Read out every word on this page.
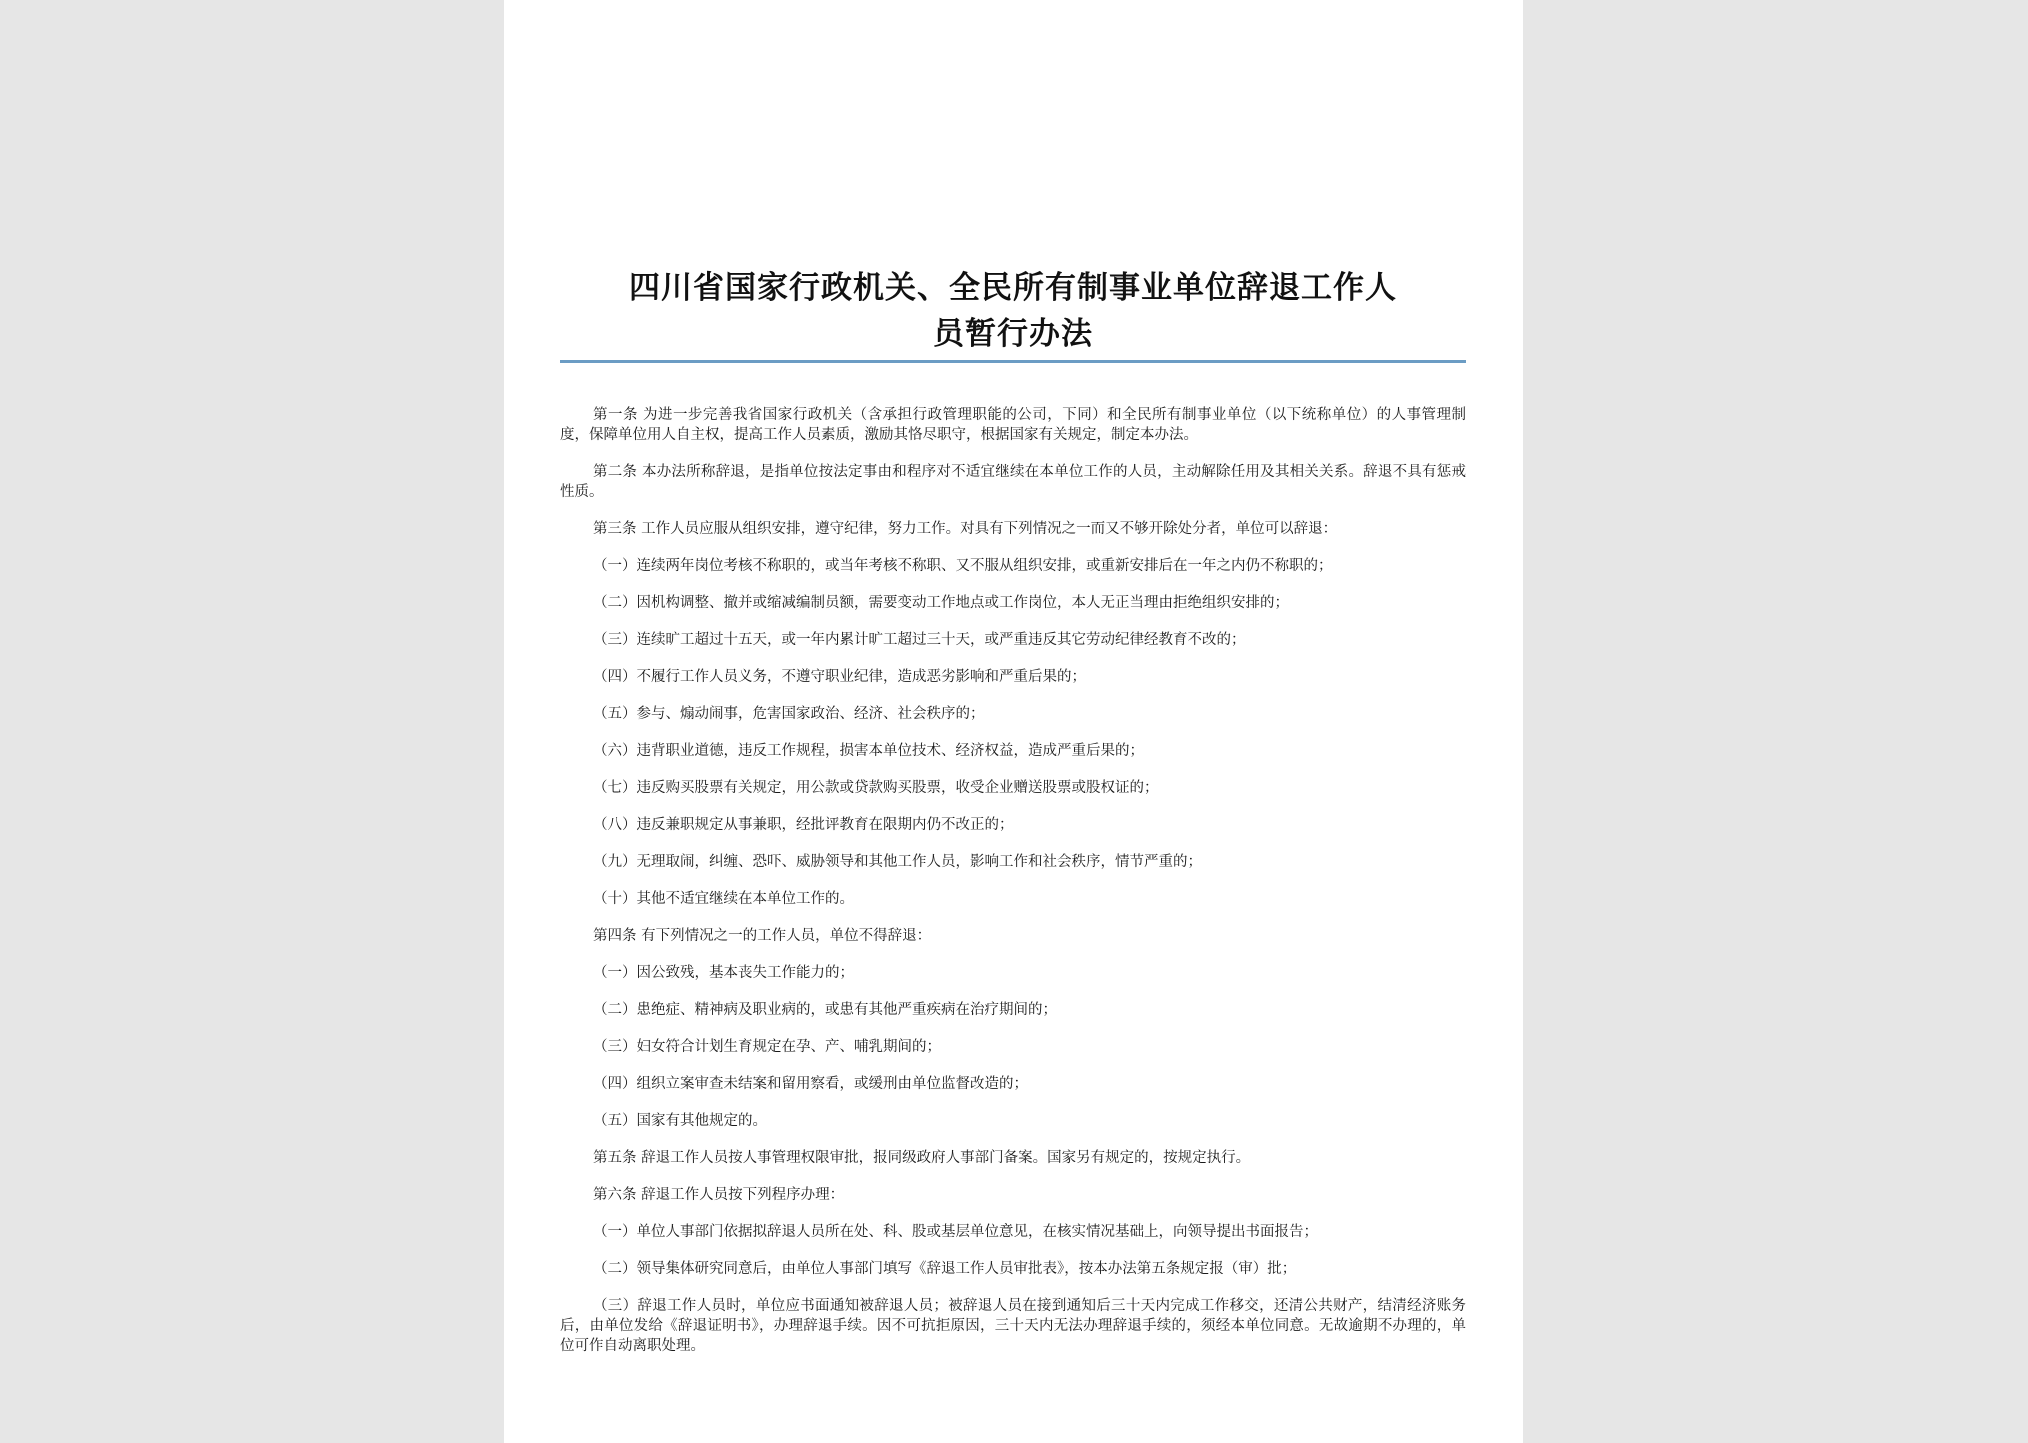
四川省国家行政机关、全民所有制事业单位辞退工作人
员暂行办法

第一条 为进一步完善我省国家行政机关（含承担行政管理职能的公司，下同）和全民所有制事业单位（以下统称单位）的人事管理制度，保障单位用人自主权，提高工作人员素质，激励其恪尽职守，根据国家有关规定，制定本办法。

第二条 本办法所称辞退，是指单位按法定事由和程序对不适宜继续在本单位工作的人员，主动解除任用及其相关关系。辞退不具有惩戒性质。

第三条 工作人员应服从组织安排，遵守纪律，努力工作。对具有下列情况之一而又不够开除处分者，单位可以辞退：

（一）连续两年岗位考核不称职的，或当年考核不称职、又不服从组织安排，或重新安排后在一年之内仍不称职的；

（二）因机构调整、撤并或缩减编制员额，需要变动工作地点或工作岗位，本人无正当理由拒绝组织安排的；

（三）连续旷工超过十五天，或一年内累计旷工超过三十天，或严重违反其它劳动纪律经教育不改的；

（四）不履行工作人员义务，不遵守职业纪律，造成恶劣影响和严重后果的；

（五）参与、煽动闹事，危害国家政治、经济、社会秩序的；

（六）违背职业道德，违反工作规程，损害本单位技术、经济权益，造成严重后果的；

（七）违反购买股票有关规定，用公款或贷款购买股票，收受企业赠送股票或股权证的；

（八）违反兼职规定从事兼职，经批评教育在限期内仍不改正的；

（九）无理取闹，纠缠、恐吓、威胁领导和其他工作人员，影响工作和社会秩序，情节严重的；

（十）其他不适宜继续在本单位工作的。

第四条 有下列情况之一的工作人员，单位不得辞退：

（一）因公致残，基本丧失工作能力的；

（二）患绝症、精神病及职业病的，或患有其他严重疾病在治疗期间的；

（三）妇女符合计划生育规定在孕、产、哺乳期间的；

（四）组织立案审查未结案和留用察看，或缓刑由单位监督改造的；

（五）国家有其他规定的。

第五条 辞退工作人员按人事管理权限审批，报同级政府人事部门备案。国家另有规定的，按规定执行。

第六条 辞退工作人员按下列程序办理：

（一）单位人事部门依据拟辞退人员所在处、科、股或基层单位意见，在核实情况基础上，向领导提出书面报告；

（二）领导集体研究同意后，由单位人事部门填写《辞退工作人员审批表》，按本办法第五条规定报（审）批；

（三）辞退工作人员时，单位应书面通知被辞退人员；被辞退人员在接到通知后三十天内完成工作移交，还清公共财产，结清经济账务后，由单位发给《辞退证明书》，办理辞退手续。因不可抗拒原因，三十天内无法办理辞退手续的，须经本单位同意。无故逾期不办理的，单位可作自动离职处理。
